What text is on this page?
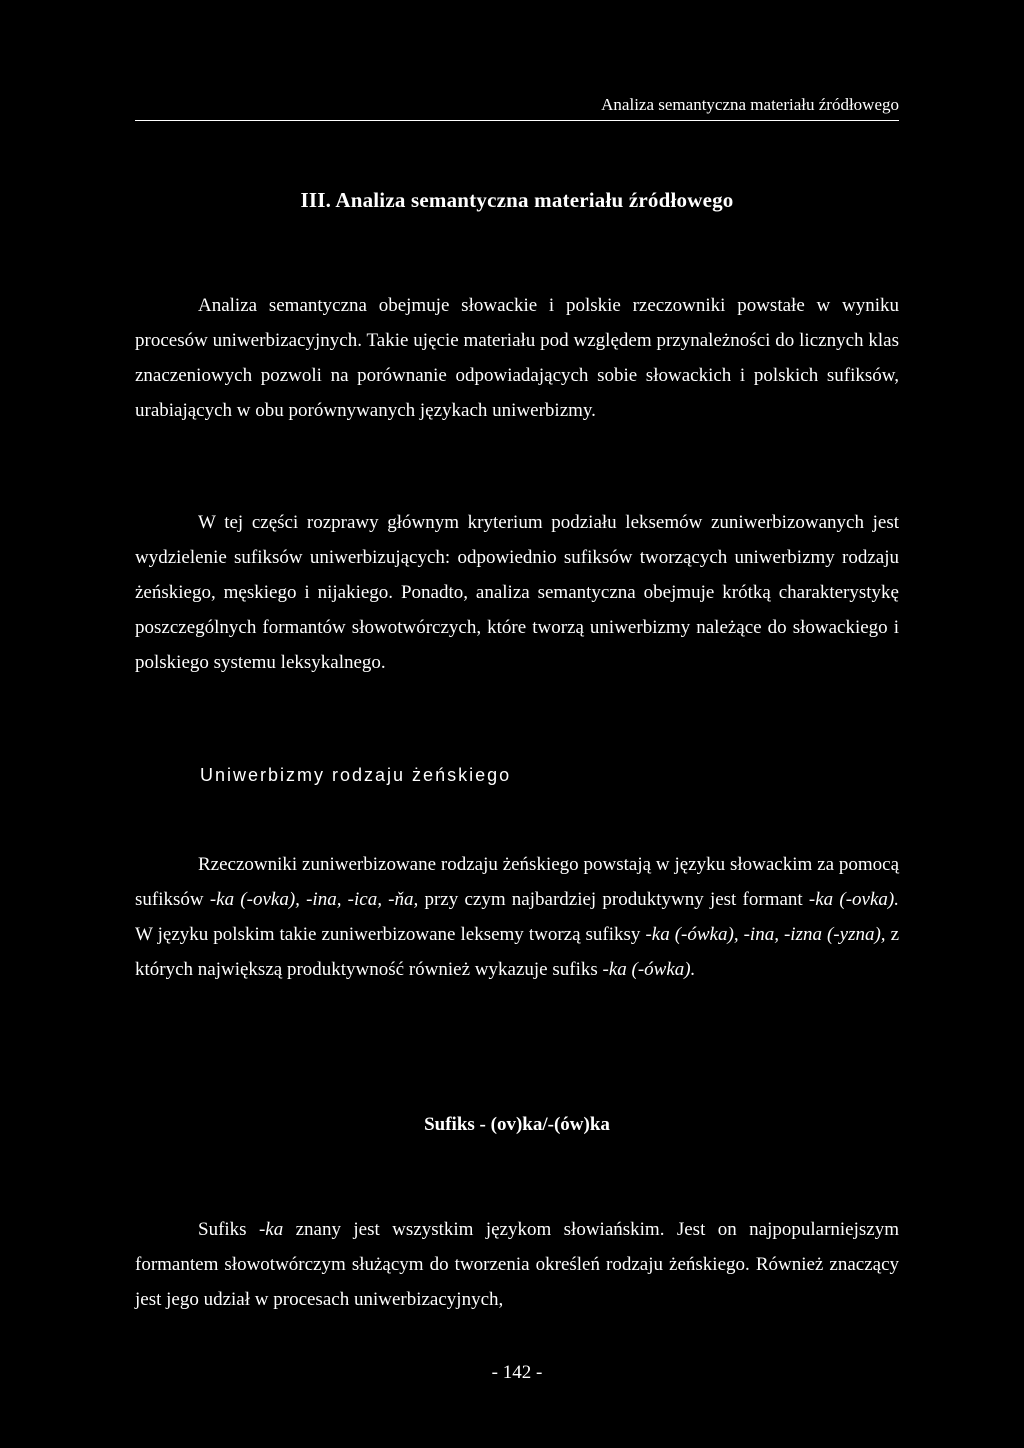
Analiza semantyczna materiału źródłowego
III. Analiza semantyczna materiału źródłowego

Analiza semantyczna obejmuje słowackie i polskie rzeczowniki powstałe w wyniku procesów uniwerbizacyjnych. Takie ujęcie materiału pod względem przynależności do licznych klas znaczeniowych pozwoli na porównanie odpowiadających sobie słowackich i polskich sufiksów, urabiających w obu porównywanych językach uniwerbizmy.

W tej części rozprawy głównym kryterium podziału leksemów zuniwerbizowanych jest wydzielenie sufiksów uniwerbizujących: odpowiednio sufiksów tworzących uniwerbizmy rodzaju żeńskiego, męskiego i nijakiego. Ponadto, analiza semantyczna obejmuje krótką charakterystykę poszczególnych formantów słowotwórczych, które tworzą uniwerbizmy należące do słowackiego i polskiego systemu leksykalnego.

Uniwerbizmy rodzaju żeńskiego

Rzeczowniki zuniwerbizowane rodzaju żeńskiego powstają w języku słowackim za pomocą sufiksów -ka (-ovka), -ina, -ica, -ňa, przy czym najbardziej produktywny jest formant -ka (-ovka). W języku polskim takie zuniwerbizowane leksemy tworzą sufiksy -ka (-ówka), -ina, -izna (-yzna), z których największą produktywność również wykazuje sufiks -ka (-ówka).

Sufiks - (ov)ka/-(ów)ka

Sufiks -ka znany jest wszystkim językom słowiańskim. Jest on najpopularniejszym formantem słowotwórczym służącym do tworzenia określeń rodzaju żeńskiego. Również znaczący jest jego udział w procesach uniwerbizacyjnych,

- 142 -
